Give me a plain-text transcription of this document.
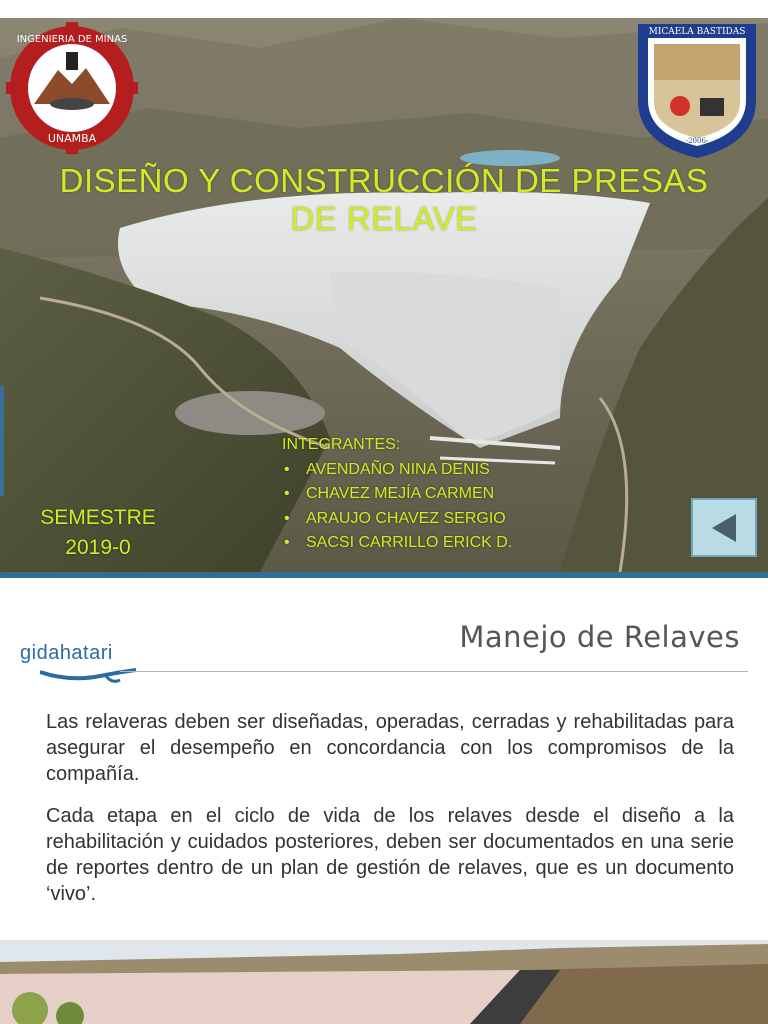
INGENIERIA DE MINAS
UNAMBA
MICAELA BASTIDAS
-2006-
DISEÑO Y CONSTRUCCIÓN DE PRESAS
DE RELAVE
INTEGRANTES:
•	AVENDAÑO NINA DENIS
•	CHAVEZ MEJÍA CARMEN
•	ARAUJO CHAVEZ SERGIO
•	SACSI CARRILLO ERICK D.
SEMESTRE
2019-0
gidahatari	Manejo de Relaves

Las relaveras deben ser diseñadas, operadas, cerradas y rehabilitadas para asegurar el desempeño en concordancia con los compromisos de la compañía.

Cada etapa en el ciclo de vida de los relaves desde el diseño a la rehabilitación y cuidados posteriores, deben ser documentados en una serie de reportes dentro de un plan de gestión de relaves, que es un documento ‘vivo’.
